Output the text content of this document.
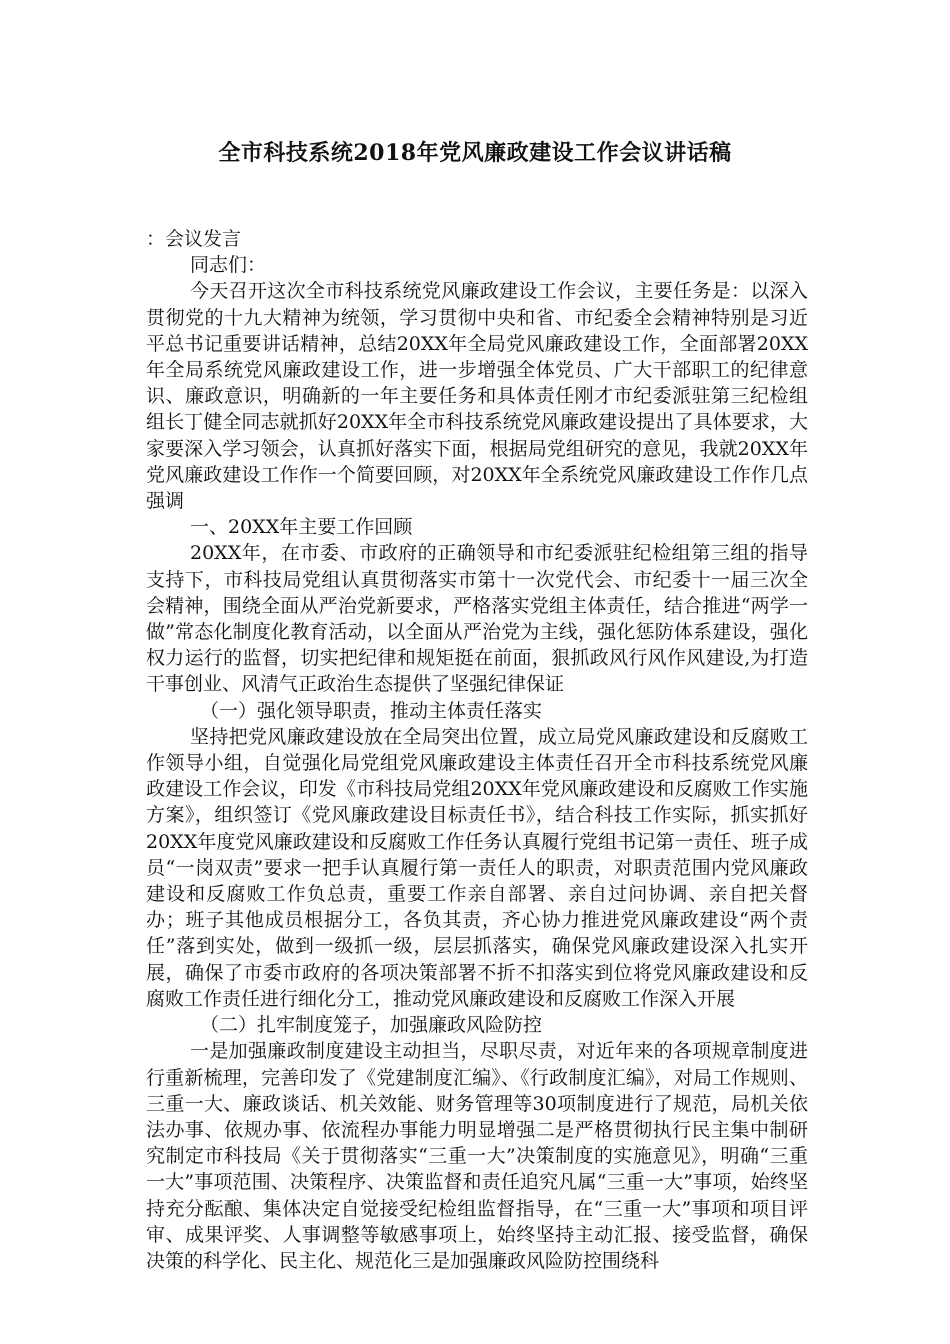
全市科技系统2018年党风廉政建设工作会议讲话稿

：会议发言

同志们：

今天召开这次全市科技系统党风廉政建设工作会议，主要任务是：以深入贯彻党的十九大精神为统领，学习贯彻中央和省、市纪委全会精神特别是习近平总书记重要讲话精神，总结20XX年全局党风廉政建设工作，全面部署20XX年全局系统党风廉政建设工作，进一步增强全体党员、广大干部职工的纪律意识、廉政意识，明确新的一年主要任务和具体责任刚才市纪委派驻第三纪检组组长丁健全同志就抓好20XX年全市科技系统党风廉政建设提出了具体要求，大家要深入学习领会，认真抓好落实下面，根据局党组研究的意见，我就20XX年党风廉政建设工作作一个简要回顾，对20XX年全系统党风廉政建设工作作几点强调

一、20XX年主要工作回顾

20XX年，在市委、市政府的正确领导和市纪委派驻纪检组第三组的指导支持下，市科技局党组认真贯彻落实市第十一次党代会、市纪委十一届三次全会精神，围绕全面从严治党新要求，严格落实党组主体责任，结合推进“两学一做”常态化制度化教育活动，以全面从严治党为主线，强化惩防体系建设，强化权力运行的监督，切实把纪律和规矩挺在前面，狠抓政风行风作风建设,为打造干事创业、风清气正政治生态提供了坚强纪律保证

（一）强化领导职责，推动主体责任落实

坚持把党风廉政建设放在全局突出位置，成立局党风廉政建设和反腐败工作领导小组，自觉强化局党组党风廉政建设主体责任召开全市科技系统党风廉政建设工作会议，印发《市科技局党组20XX年党风廉政建设和反腐败工作实施方案》，组织签订《党风廉政建设目标责任书》，结合科技工作实际，抓实抓好20XX年度党风廉政建设和反腐败工作任务认真履行党组书记第一责任、班子成员“一岗双责”要求一把手认真履行第一责任人的职责，对职责范围内党风廉政建设和反腐败工作负总责，重要工作亲自部署、亲自过问协调、亲自把关督办；班子其他成员根据分工，各负其责，齐心协力推进党风廉政建设“两个责任”落到实处，做到一级抓一级，层层抓落实，确保党风廉政建设深入扎实开展，确保了市委市政府的各项决策部署不折不扣落实到位将党风廉政建设和反腐败工作责任进行细化分工，推动党风廉政建设和反腐败工作深入开展

（二）扎牢制度笼子，加强廉政风险防控

一是加强廉政制度建设主动担当，尽职尽责，对近年来的各项规章制度进行重新梳理，完善印发了《党建制度汇编》、《行政制度汇编》，对局工作规则、三重一大、廉政谈话、机关效能、财务管理等30项制度进行了规范，局机关依法办事、依规办事、依流程办事能力明显增强二是严格贯彻执行民主集中制研究制定市科技局《关于贯彻落实“三重一大”决策制度的实施意见》，明确“三重一大”事项范围、决策程序、决策监督和责任追究凡属“三重一大”事项，始终坚持充分酝酿、集体决定自觉接受纪检组监督指导，在“三重一大”事项和项目评审、成果评奖、人事调整等敏感事项上，始终坚持主动汇报、接受监督，确保决策的科学化、民主化、规范化三是加强廉政风险防控围绕科
